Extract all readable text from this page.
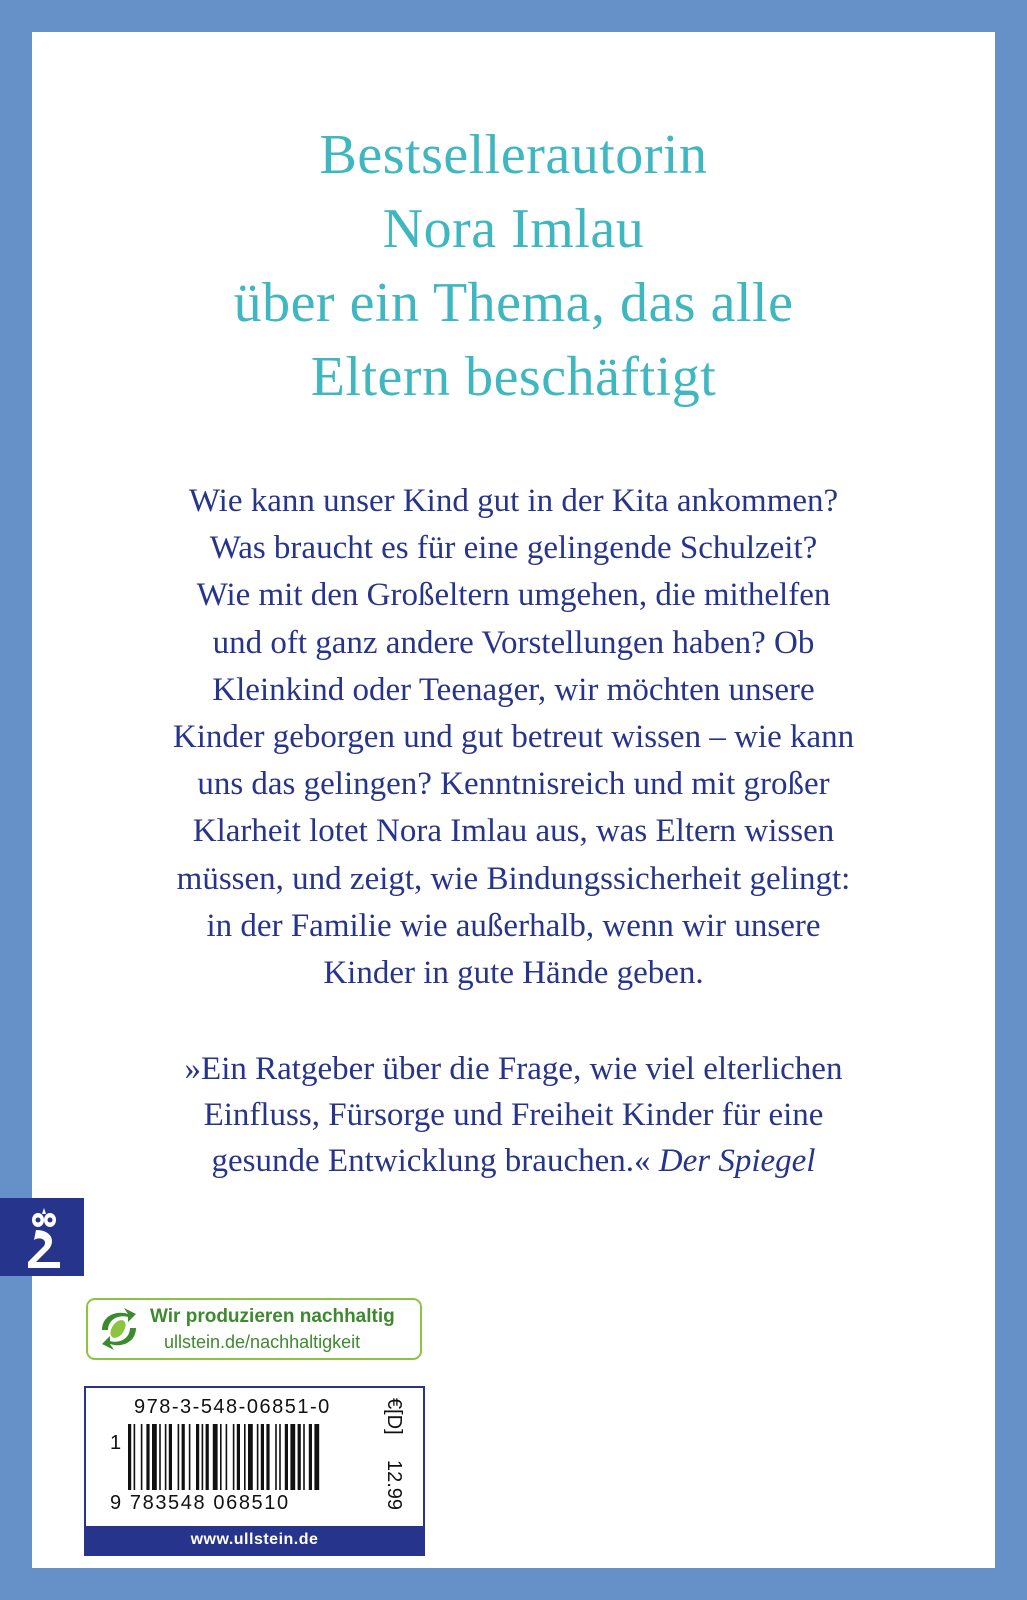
Bestsellerautorin
Nora Imlau
über ein Thema, das alle
Eltern beschäftigt
Wie kann unser Kind gut in der Kita ankommen?
Was braucht es für eine gelingende Schulzeit?
Wie mit den Großeltern umgehen, die mithelfen
und oft ganz andere Vorstellungen haben? Ob
Kleinkind oder Teenager, wir möchten unsere
Kinder geborgen und gut betreut wissen – wie kann
uns das gelingen? Kenntnisreich und mit großer
Klarheit lotet Nora Imlau aus, was Eltern wissen
müssen, und zeigt, wie Bindungssicherheit gelingt:
in der Familie wie außerhalb, wenn wir unsere
Kinder in gute Hände geben.
»Ein Ratgeber über die Frage, wie viel elterlichen
Einfluss, Fürsorge und Freiheit Kinder für eine
gesunde Entwicklung brauchen.« Der Spiegel
Wir produzieren nachhaltig
ullstein.de/nachhaltigkeit
978-3-548-06851-0
1
9 783548 068510
€[D]
12.99
www.ullstein.de
